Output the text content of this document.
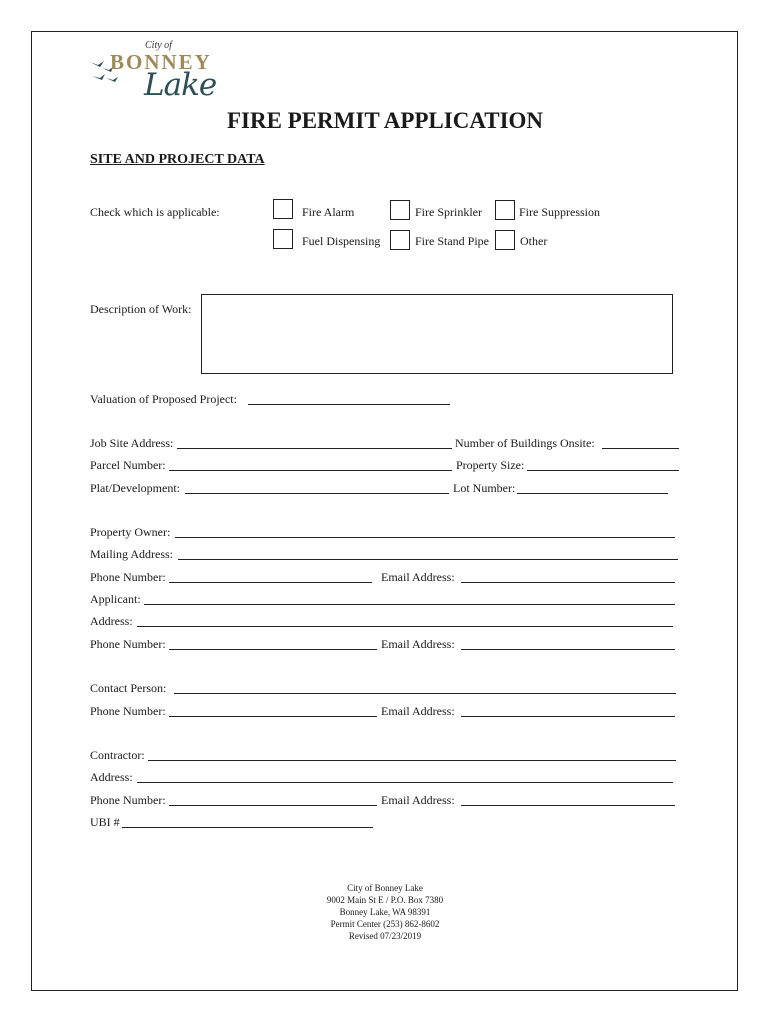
City of
BONNEY
Lake
FIRE PERMIT APPLICATION
SITE AND PROJECT DATA
Check which is applicable:	Fire Alarm	Fire Sprinkler	Fire Suppression
Fuel Dispensing	Fire Stand Pipe	Other
Description of Work:
Valuation of Proposed Project:
Job Site Address:	Number of Buildings Onsite:
Parcel Number:	Property Size:
Plat/Development:	Lot Number:
Property Owner:
Mailing Address:
Phone Number:	Email Address:
Applicant:
Address:
Phone Number:	Email Address:
Contact Person:
Phone Number:	Email Address:
Contractor:
Address:
Phone Number:	Email Address:
UBI #
City of Bonney Lake
9002 Main St E / P.O. Box 7380
Bonney Lake, WA 98391
Permit Center (253) 862-8602
Revised 07/23/2019
